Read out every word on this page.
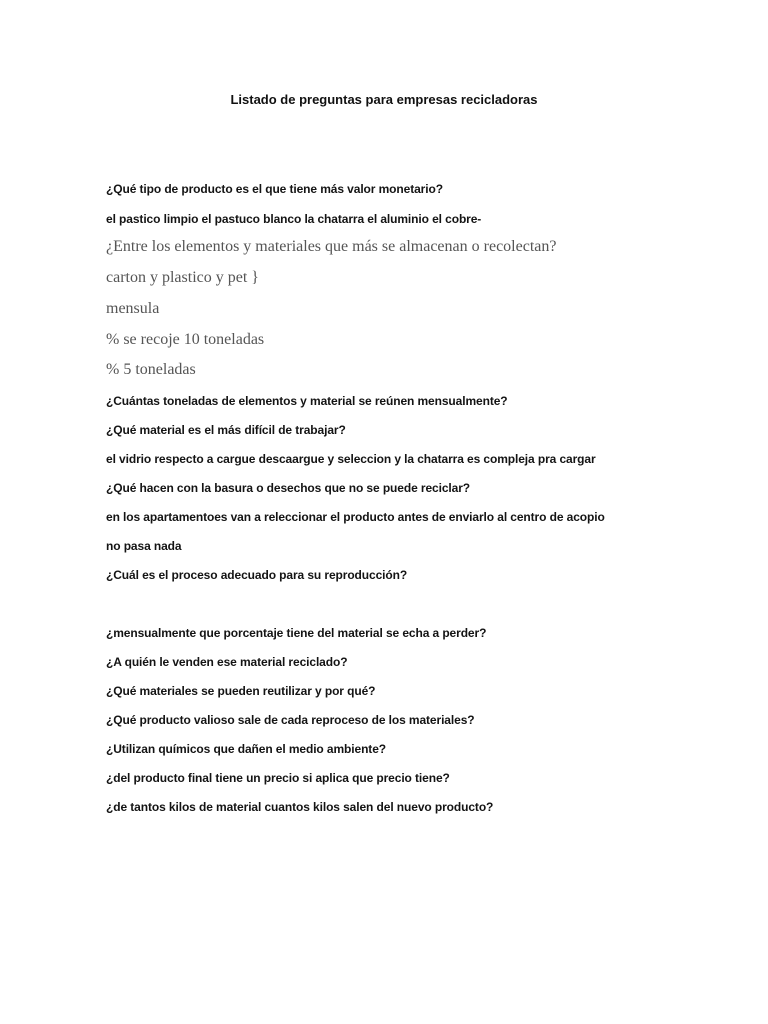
Listado de preguntas para empresas recicladoras
¿Qué tipo de producto es el que tiene más valor monetario?
el pastico limpio el pastuco blanco la chatarra el aluminio el cobre-
¿Entre los elementos y materiales que más se almacenan o recolectan?
carton y plastico y pet }
mensula
% se recoje 10 toneladas
% 5 toneladas
¿Cuántas toneladas de elementos y material se reúnen mensualmente?
¿Qué material es el más difícil de trabajar?
el vidrio respecto a cargue descaargue y seleccion y la chatarra es compleja pra cargar
¿Qué hacen con la basura o desechos que no se puede reciclar?
en los apartamentoes van a releccionar el producto antes de enviarlo al centro de acopio
no pasa nada
¿Cuál es el proceso adecuado para su reproducción?
¿mensualmente que porcentaje tiene del material se echa a perder?
¿A quién le venden ese material reciclado?
¿Qué materiales se pueden reutilizar y por qué?
¿Qué producto valioso sale de cada reproceso de los materiales?
¿Utilizan químicos que dañen el medio ambiente?
¿del producto final tiene un precio si aplica que precio tiene?
¿de tantos kilos de material cuantos kilos salen del nuevo producto?
